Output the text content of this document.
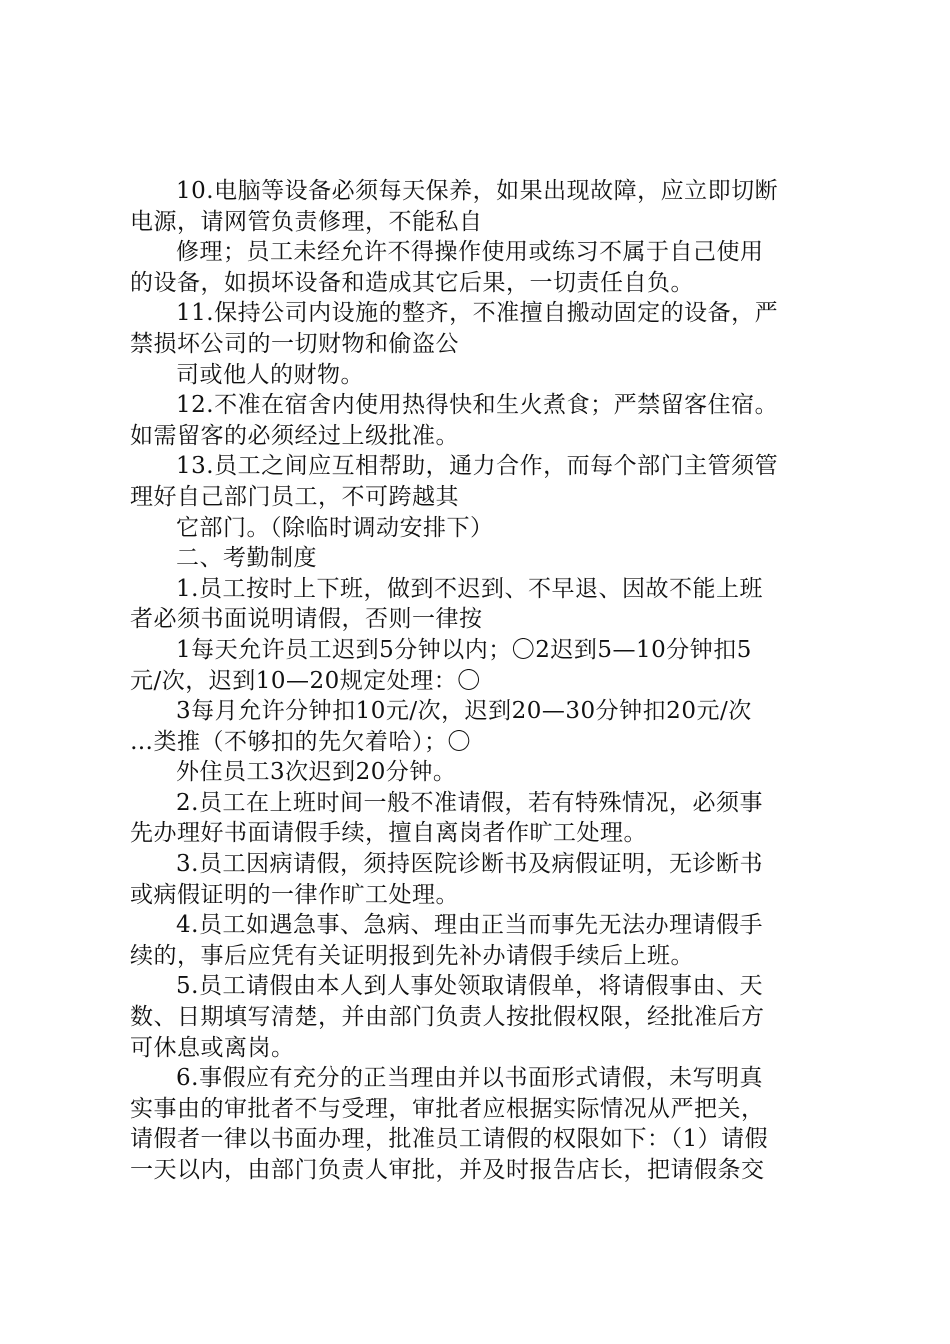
10.电脑等设备必须每天保养，如果出现故障，应立即切断
电源，请网管负责修理，不能私自
修理；员工未经允许不得操作使用或练习不属于自己使用
的设备，如损坏设备和造成其它后果，一切责任自负。
11.保持公司内设施的整齐，不准擅自搬动固定的设备，严
禁损坏公司的一切财物和偷盗公
司或他人的财物。
12.不准在宿舍内使用热得快和生火煮食；严禁留客住宿。
如需留客的必须经过上级批准。
13.员工之间应互相帮助，通力合作，而每个部门主管须管
理好自己部门员工，不可跨越其
它部门。（除临时调动安排下）
二、考勤制度
1.员工按时上下班，做到不迟到、不早退、因故不能上班
者必须书面说明请假，否则一律按
1每天允许员工迟到5分钟以内；〇2迟到5—10分钟扣5
元/次，迟到10—20规定处理：〇
3每月允许分钟扣10元/次，迟到20—30分钟扣20元/次
…类推（不够扣的先欠着哈）；〇
外住员工3次迟到20分钟。
2.员工在上班时间一般不准请假，若有特殊情况，必须事
先办理好书面请假手续，擅自离岗者作旷工处理。
3.员工因病请假，须持医院诊断书及病假证明，无诊断书
或病假证明的一律作旷工处理。
4.员工如遇急事、急病、理由正当而事先无法办理请假手
续的，事后应凭有关证明报到先补办请假手续后上班。
5.员工请假由本人到人事处领取请假单，将请假事由、天
数、日期填写清楚，并由部门负责人按批假权限，经批准后方
可休息或离岗。
6.事假应有充分的正当理由并以书面形式请假，未写明真
实事由的审批者不与受理，审批者应根据实际情况从严把关，
请假者一律以书面办理，批准员工请假的权限如下：（1）请假
一天以内，由部门负责人审批，并及时报告店长，把请假条交
